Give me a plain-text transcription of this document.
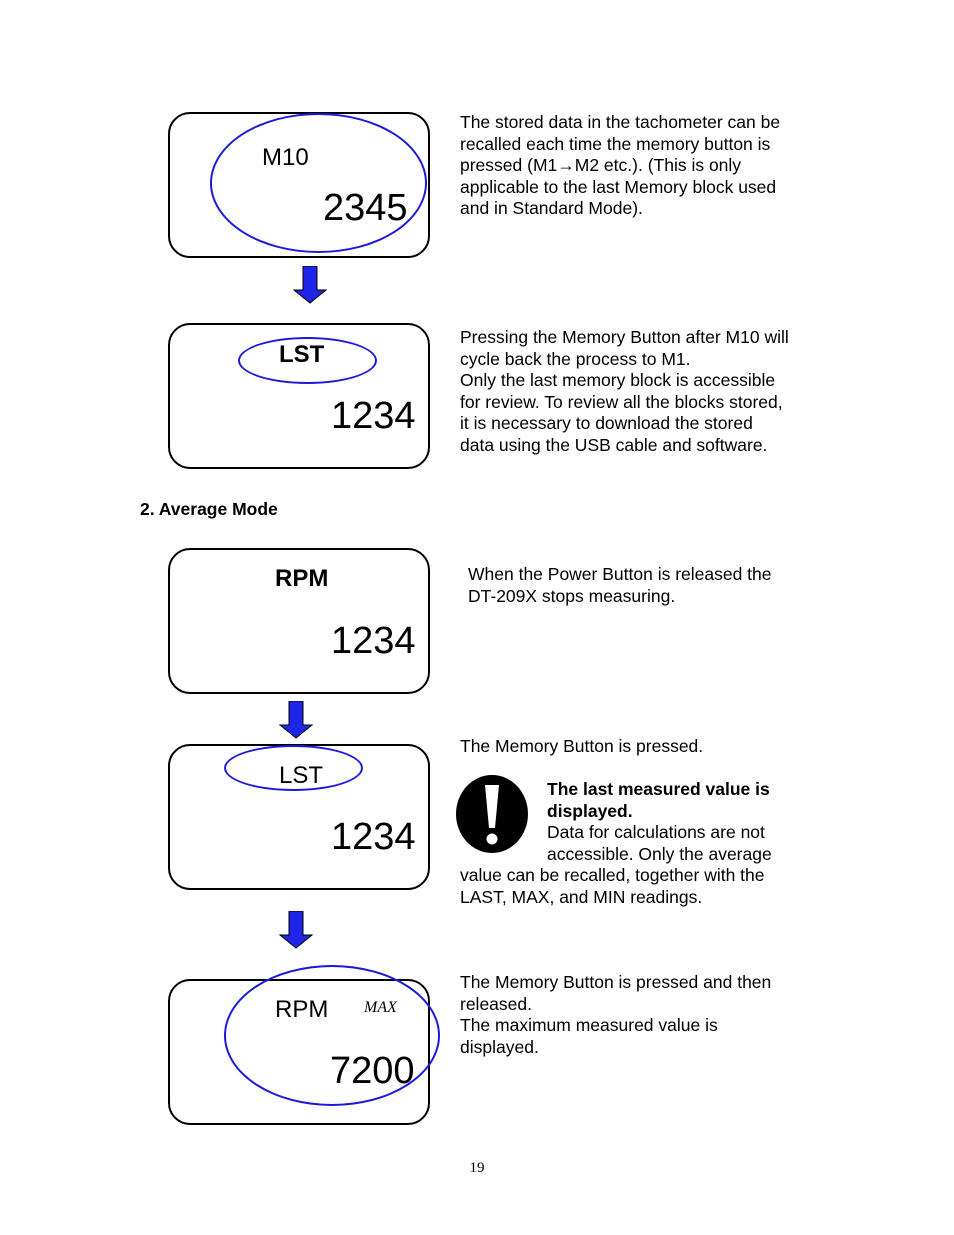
M10
2345
LST
1234
The stored data in the tachometer can be
recalled each time the memory button is
pressed (M1→M2 etc.). (This is only
applicable to the last Memory block used
and in Standard Mode).
Pressing the Memory Button after M10 will
cycle back the process to M1.
Only the last memory block is accessible
for review. To review all the blocks stored,
it is necessary to download the stored
data using the USB cable and software.
2. Average Mode
RPM
1234
When the Power Button is released the
DT-209X stops measuring.
LST
1234
The Memory Button is pressed.
The last measured value is
displayed.
Data for calculations are not
accessible. Only the average
value can be recalled, together with the
LAST, MAX, and MIN readings.
RPM MAX
7200
The Memory Button is pressed and then
released.
The maximum measured value is
displayed.
19
